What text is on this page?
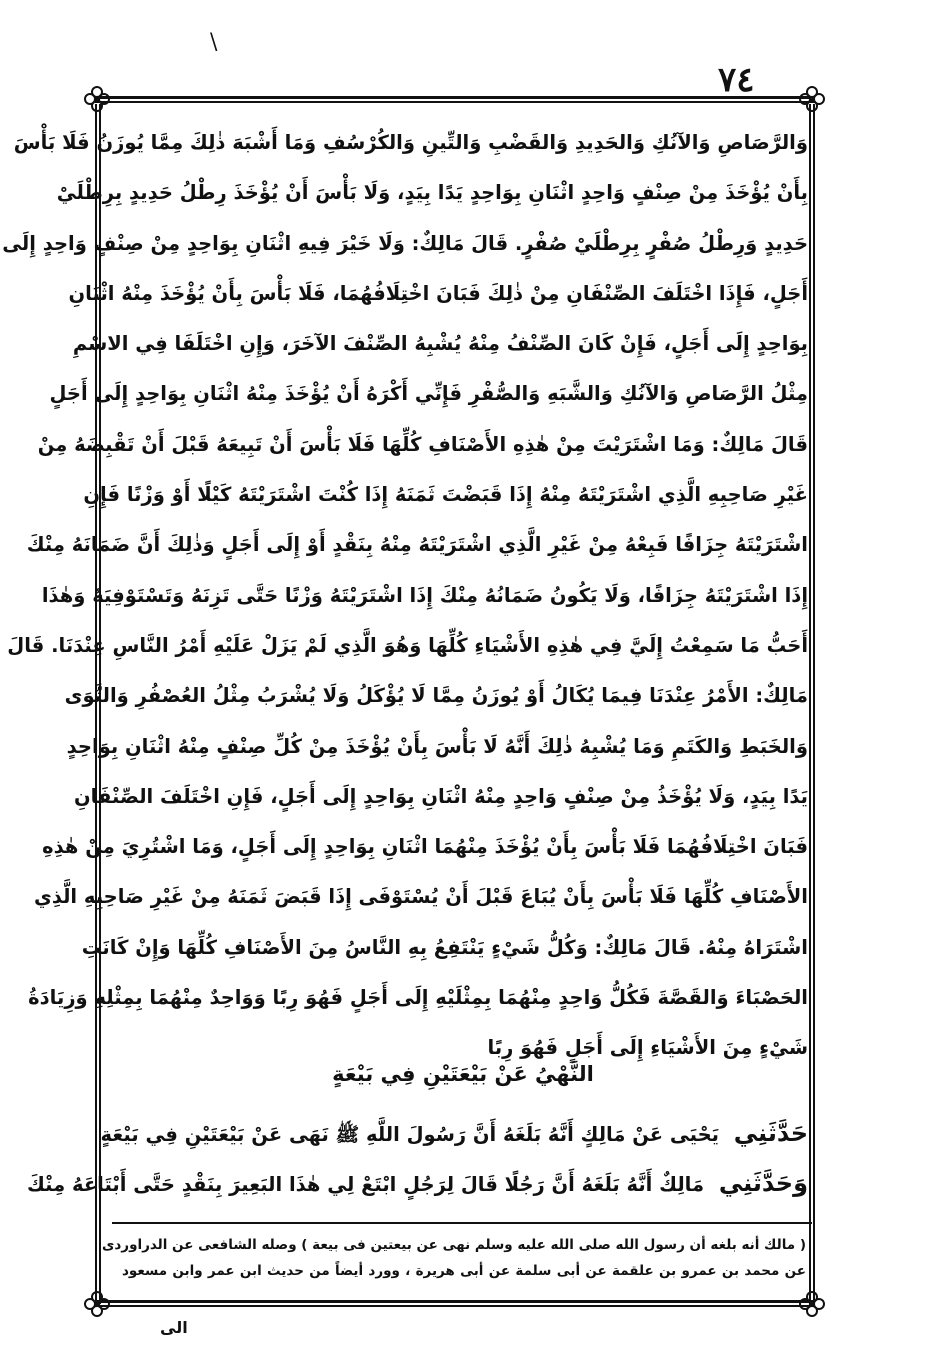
\
٧٤
وَالرَّصَاصِ وَالآنُكِ وَالحَدِيدِ وَالقَضْبِ وَالتِّينِ وَالكُرْسُفِ وَمَا أَشْبَهَ ذٰلِكَ مِمَّا يُوزَنُ فَلَا بَأْسَ
بِأَنْ يُؤْخَذَ مِنْ صِنْفٍ وَاحِدٍ اثْنَانِ بِوَاحِدٍ يَدًا بِيَدٍ، وَلَا بَأْسَ أَنْ يُؤْخَذَ رِطْلُ حَدِيدٍ بِرِطْلَيْ
حَدِيدٍ وَرِطْلُ صُفْرٍ بِرِطْلَيْ صُفْرٍ. قَالَ مَالِكٌ: وَلَا خَيْرَ فِيهِ اثْنَانِ بِوَاحِدٍ مِنْ صِنْفٍ وَاحِدٍ إِلَى
أَجَلٍ، فَإِذَا اخْتَلَفَ الصِّنْفَانِ مِنْ ذٰلِكَ فَبَانَ اخْتِلَافُهُمَا، فَلَا بَأْسَ بِأَنْ يُؤْخَذَ مِنْهُ اثْنَانِ
بِوَاحِدٍ إِلَى أَجَلٍ، فَإِنْ كَانَ الصِّنْفُ مِنْهُ يُشْبِهُ الصِّنْفَ الآخَرَ، وَإِنِ اخْتَلَفَا فِي الاسْمِ
مِثْلُ الرَّصَاصِ وَالآنُكِ وَالشَّبَهِ وَالصُّفْرِ فَإِنِّي أَكْرَهُ أَنْ يُؤْخَذَ مِنْهُ اثْنَانِ بِوَاحِدٍ إِلَى أَجَلٍ
قَالَ مَالِكٌ: وَمَا اشْتَرَيْتَ مِنْ هٰذِهِ الأَصْنَافِ كُلِّهَا فَلَا بَأْسَ أَنْ تَبِيعَهُ قَبْلَ أَنْ تَقْبِضَهُ مِنْ
غَيْرِ صَاحِبِهِ الَّذِي اشْتَرَيْتَهُ مِنْهُ إِذَا قَبَضْتَ ثَمَنَهُ إِذَا كُنْتَ اشْتَرَيْتَهُ كَيْلًا أَوْ وَزْنًا فَإِنِ
اشْتَرَيْتَهُ جِزَافًا فَبِعْهُ مِنْ غَيْرِ الَّذِي اشْتَرَيْتَهُ مِنْهُ بِنَقْدٍ أَوْ إِلَى أَجَلٍ وَذٰلِكَ أَنَّ ضَمَانَهُ مِنْكَ
إِذَا اشْتَرَيْتَهُ جِزَافًا، وَلَا يَكُونُ ضَمَانُهُ مِنْكَ إِذَا اشْتَرَيْتَهُ وَزْنًا حَتَّى تَزِنَهُ وَتَسْتَوْفِيَهُ وَهٰذَا
أَحَبُّ مَا سَمِعْتُ إِلَيَّ فِي هٰذِهِ الأَشْيَاءِ كُلِّهَا وَهُوَ الَّذِي لَمْ يَزَلْ عَلَيْهِ أَمْرُ النَّاسِ عِنْدَنَا. قَالَ
مَالِكٌ: الأَمْرُ عِنْدَنَا فِيمَا يُكَالُ أَوْ يُوزَنُ مِمَّا لَا يُؤْكَلُ وَلَا يُشْرَبُ مِثْلُ العُصْفُرِ وَالنَّوَى
وَالخَبَطِ وَالكَتَمِ وَمَا يُشْبِهُ ذٰلِكَ أَنَّهُ لَا بَأْسَ بِأَنْ يُؤْخَذَ مِنْ كُلِّ صِنْفٍ مِنْهُ اثْنَانِ بِوَاحِدٍ
يَدًا بِيَدٍ، وَلَا يُؤْخَذُ مِنْ صِنْفٍ وَاحِدٍ مِنْهُ اثْنَانِ بِوَاحِدٍ إِلَى أَجَلٍ، فَإِنِ اخْتَلَفَ الصِّنْفَانِ
فَبَانَ اخْتِلَافُهُمَا فَلَا بَأْسَ بِأَنْ يُؤْخَذَ مِنْهُمَا اثْنَانِ بِوَاحِدٍ إِلَى أَجَلٍ، وَمَا اشْتُرِيَ مِنْ هٰذِهِ
الأَصْنَافِ كُلِّهَا فَلَا بَأْسَ بِأَنْ يُبَاعَ قَبْلَ أَنْ يُسْتَوْفَى إِذَا قَبَضَ ثَمَنَهُ مِنْ غَيْرِ صَاحِبِهِ الَّذِي
اشْتَرَاهُ مِنْهُ. قَالَ مَالِكٌ: وَكُلُّ شَيْءٍ يَنْتَفِعُ بِهِ النَّاسُ مِنَ الأَصْنَافِ كُلِّهَا وَإِنْ كَانَتِ
الحَصْبَاءَ وَالقَصَّةَ فَكُلُّ وَاحِدٍ مِنْهُمَا بِمِثْلَيْهِ إِلَى أَجَلٍ فَهُوَ رِبًا وَوَاحِدٌ مِنْهُمَا بِمِثْلِهِ وَزِيَادَةُ
شَيْءٍ مِنَ الأَشْيَاءِ إِلَى أَجَلٍ فَهُوَ رِبًا
النَّهْيُ عَنْ بَيْعَتَيْنِ فِي بَيْعَةٍ
حَدَّثَنِي يَحْيَى عَنْ مَالِكٍ أَنَّهُ بَلَغَهُ أَنَّ رَسُولَ اللَّهِ ﷺ نَهَى عَنْ بَيْعَتَيْنِ فِي بَيْعَةٍ
وَحَدَّثَنِي مَالِكٌ أَنَّهُ بَلَغَهُ أَنَّ رَجُلًا قَالَ لِرَجُلٍ ابْتَعْ لِي هٰذَا البَعِيرَ بِنَقْدٍ حَتَّى أَبْتَاعَهُ مِنْكَ
( مالك أنه بلغه أن رسول الله صلى الله عليه وسلم نهى عن بيعتين فى بيعة ) وصله الشافعى عن الدراوردى
عن محمد بن عمرو بن علقمة عن أبى سلمة عن أبى هريرة ، وورد أيضاً من حديث ابن عمر وابن مسعود
الى
